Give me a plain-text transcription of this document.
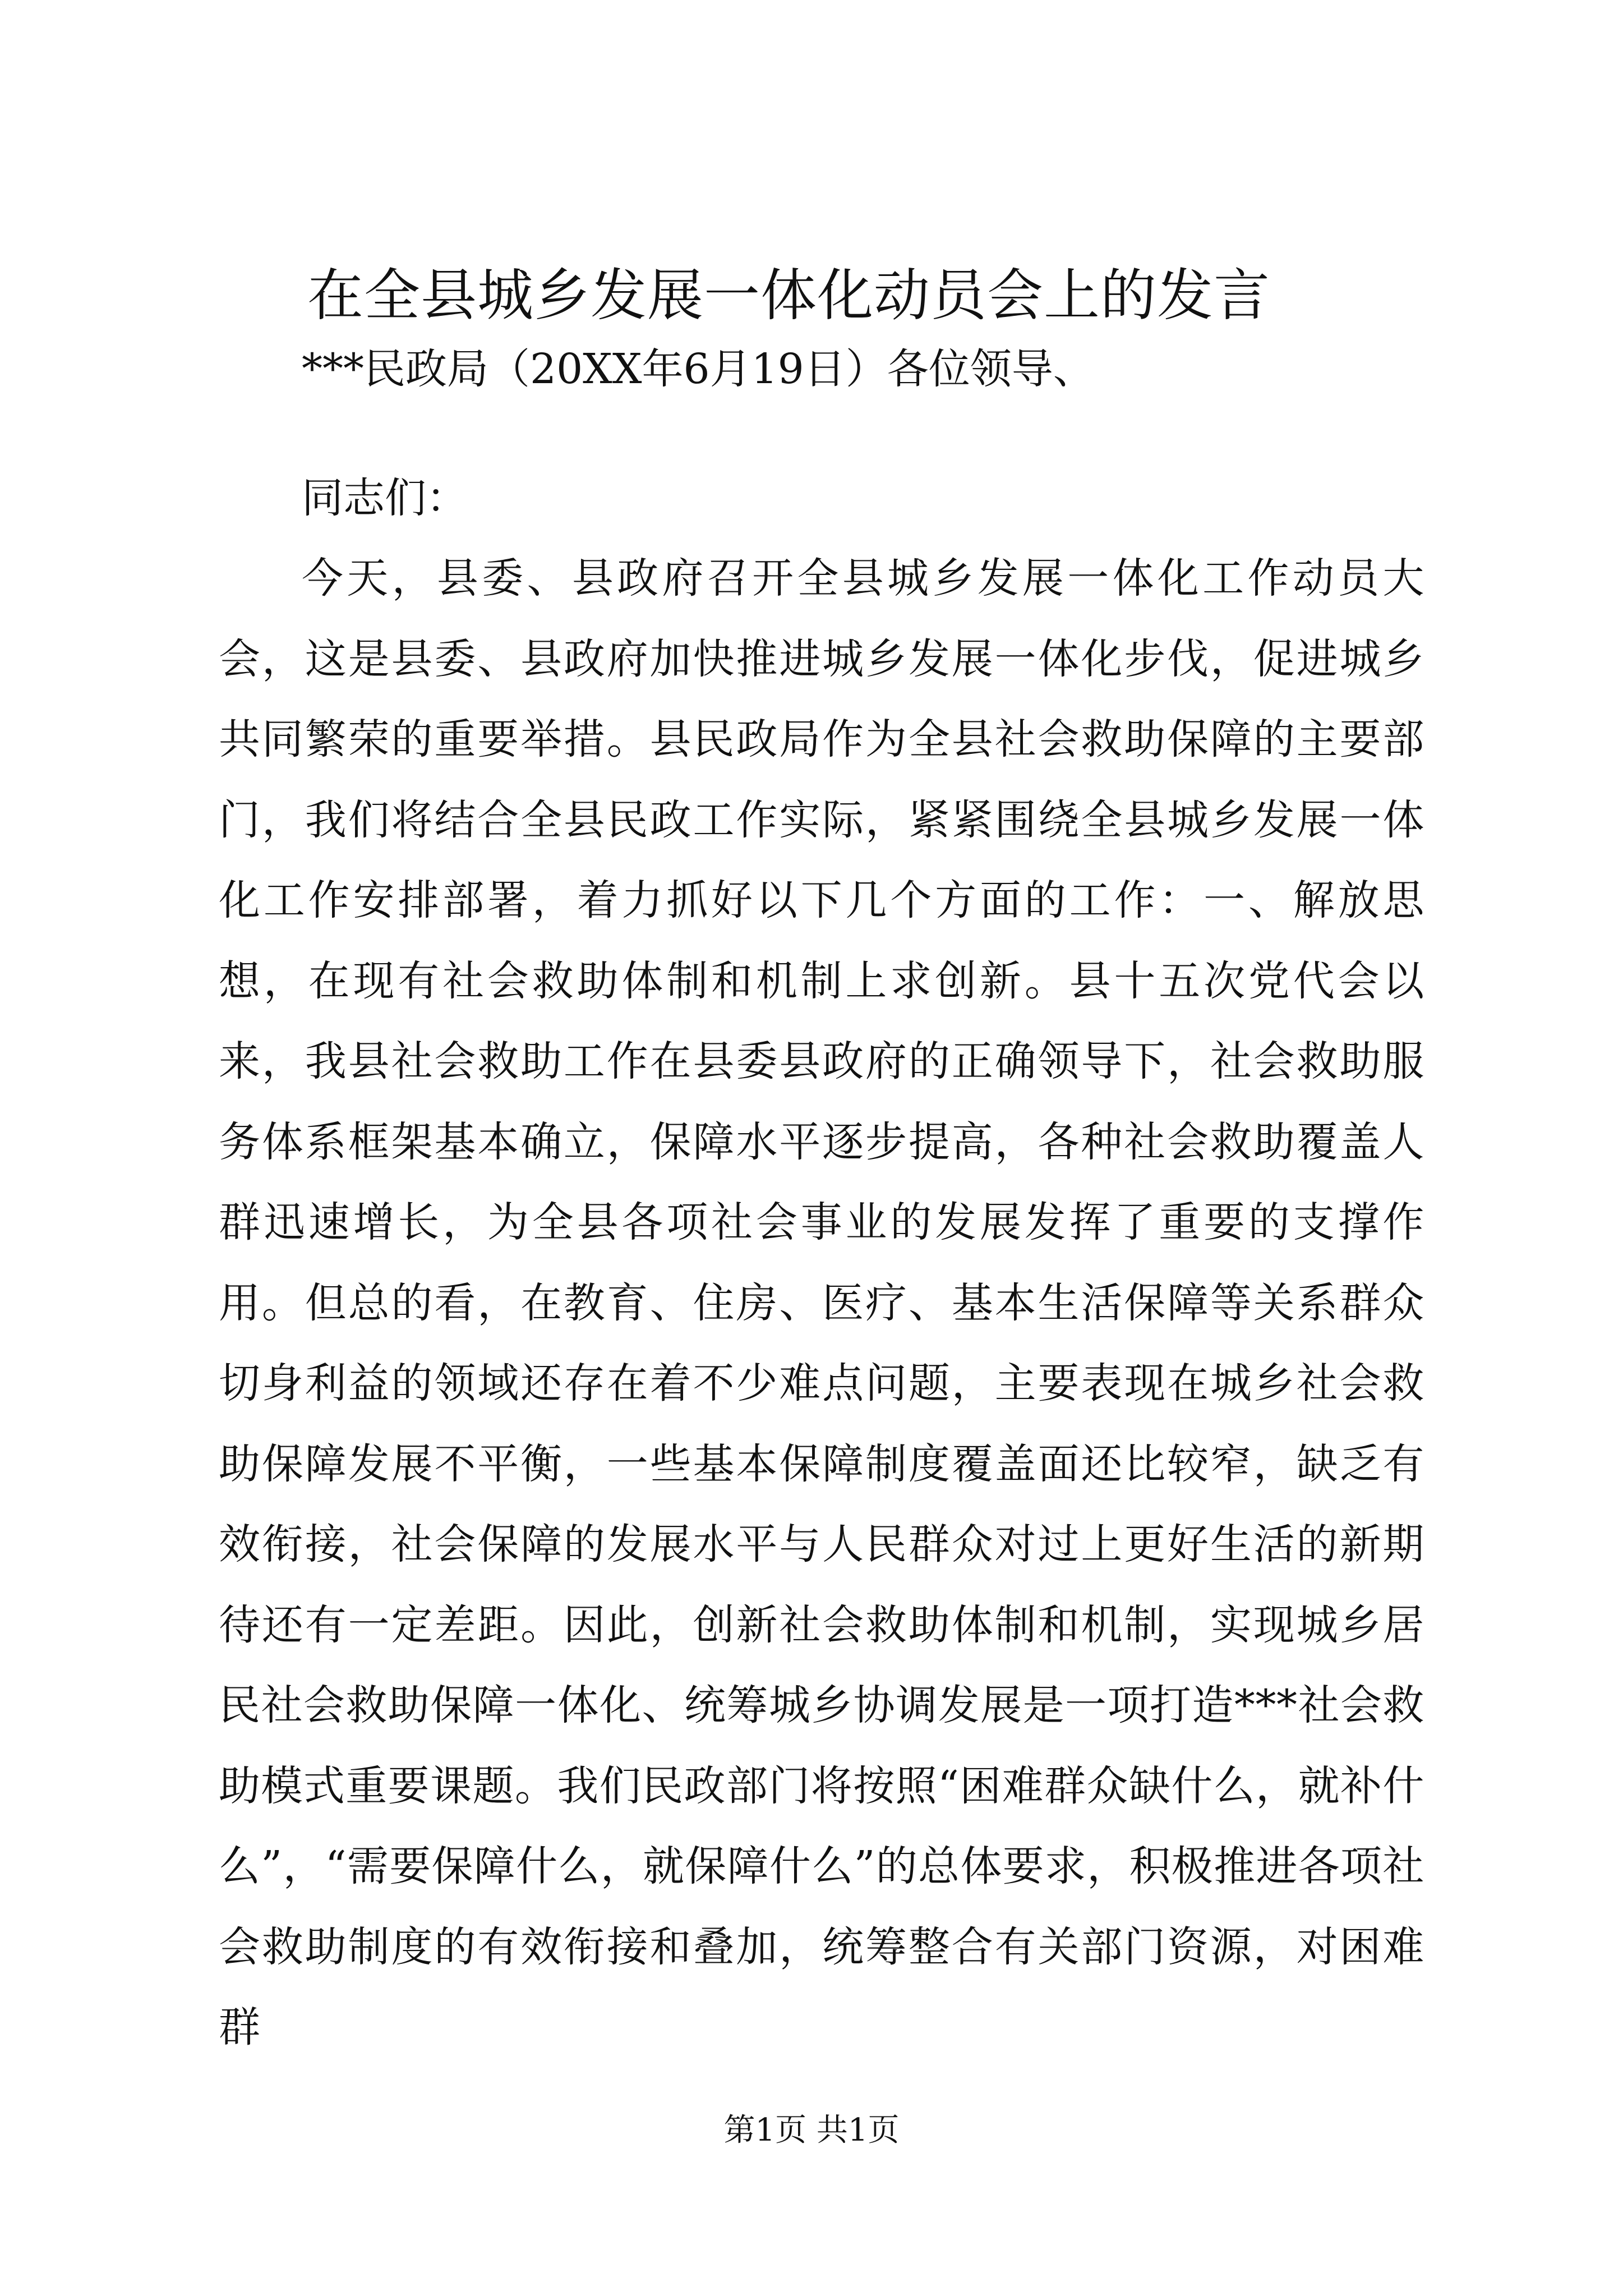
在全县城乡发展一体化动员会上的发言

***民政局（20XX年6月19日）各位领导、

同志们：

今天，县委、县政府召开全县城乡发展一体化工作动员大会，这是县委、县政府加快推进城乡发展一体化步伐，促进城乡共同繁荣的重要举措。县民政局作为全县社会救助保障的主要部门，我们将结合全县民政工作实际，紧紧围绕全县城乡发展一体化工作安排部署，着力抓好以下几个方面的工作：一、解放思想，在现有社会救助体制和机制上求创新。县十五次党代会以来，我县社会救助工作在县委县政府的正确领导下，社会救助服务体系框架基本确立，保障水平逐步提高，各种社会救助覆盖人群迅速增长，为全县各项社会事业的发展发挥了重要的支撑作用。但总的看，在教育、住房、医疗、基本生活保障等关系群众切身利益的领域还存在着不少难点问题，主要表现在城乡社会救助保障发展不平衡，一些基本保障制度覆盖面还比较窄，缺乏有效衔接，社会保障的发展水平与人民群众对过上更好生活的新期待还有一定差距。因此，创新社会救助体制和机制，实现城乡居民社会救助保障一体化、统筹城乡协调发展是一项打造***社会救助模式重要课题。我们民政部门将按照“困难群众缺什么，就补什么”，“需要保障什么，就保障什么”的总体要求，积极推进各项社会救助制度的有效衔接和叠加，统筹整合有关部门资源，对困难群

第1页 共1页
